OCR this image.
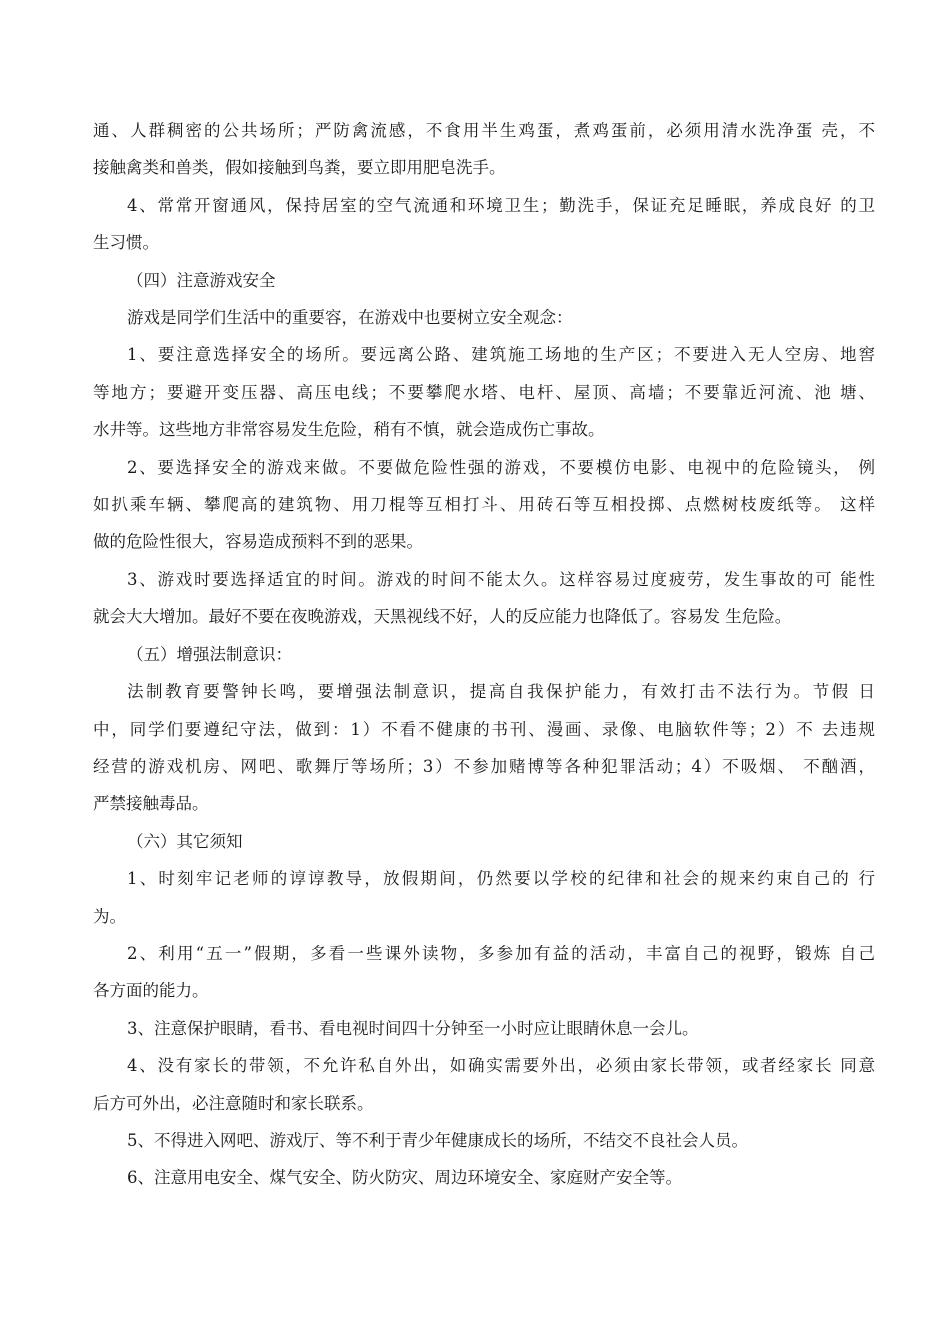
通、人群稠密的公共场所；严防禽流感，不食用半生鸡蛋，煮鸡蛋前，必须用清水洗净蛋 壳，不
接触禽类和兽类，假如接触到鸟粪，要立即用肥皂洗手。

4、常常开窗通风，保持居室的空气流通和环境卫生；勤洗手，保证充足睡眠，养成良好 的卫
生习惯。

（四）注意游戏安全

游戏是同学们生活中的重要容，在游戏中也要树立安全观念：

1、要注意选择安全的场所。要远离公路、建筑施工场地的生产区；不要进入无人空房、地窖
等地方；要避开变压器、高压电线；不要攀爬水塔、电杆、屋顶、高墙；不要靠近河流、池 塘、
水井等。这些地方非常容易发生危险，稍有不慎，就会造成伤亡事故。

2、要选择安全的游戏来做。不要做危险性强的游戏，不要模仿电影、电视中的危险镜头， 例
如扒乘车辆、攀爬高的建筑物、用刀棍等互相打斗、用砖石等互相投掷、点燃树枝废纸等。 这样
做的危险性很大，容易造成预料不到的恶果。

3、游戏时要选择适宜的时间。游戏的时间不能太久。这样容易过度疲劳，发生事故的可 能性
就会大大增加。最好不要在夜晚游戏，天黑视线不好，人的反应能力也降低了。容易发 生危险。

（五）增强法制意识：

法制教育要警钟长鸣，要增强法制意识，提高自我保护能力，有效打击不法行为。节假 日
中，同学们要遵纪守法，做到：1）不看不健康的书刊、漫画、录像、电脑软件等；2）不 去违规
经营的游戏机房、网吧、歌舞厅等场所；3）不参加赌博等各种犯罪活动；4）不吸烟、 不酗酒，
严禁接触毒品。

（六）其它须知

1、时刻牢记老师的谆谆教导，放假期间，仍然要以学校的纪律和社会的规来约束自己的 行
为。

2、利用“五一”假期，多看一些课外读物，多参加有益的活动，丰富自己的视野，锻炼 自己
各方面的能力。

3、注意保护眼睛，看书、看电视时间四十分钟至一小时应让眼睛休息一会儿。

4、没有家长的带领，不允许私自外出，如确实需要外出，必须由家长带领，或者经家长 同意
后方可外出，必注意随时和家长联系。

5、不得进入网吧、游戏厅、等不利于青少年健康成长的场所，不结交不良社会人员。

6、注意用电安全、煤气安全、防火防灾、周边环境安全、家庭财产安全等。
